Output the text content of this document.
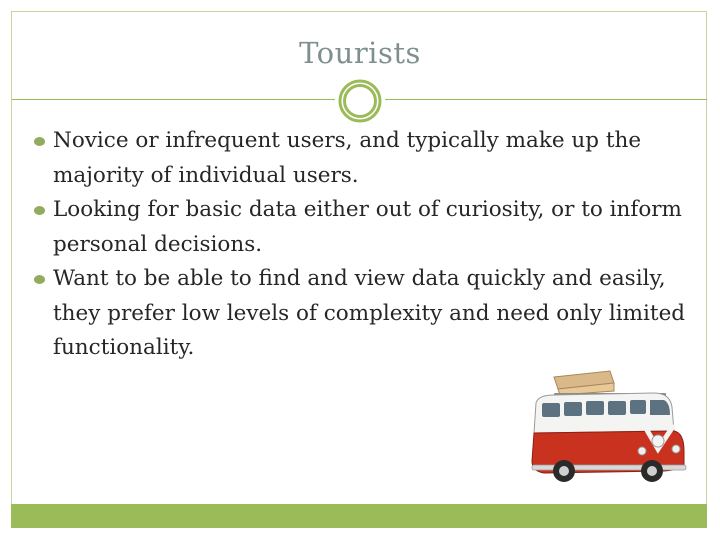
Tourists
Novice or infrequent users, and typically make up the majority of individual users.
Looking for basic data either out of curiosity, or to inform personal decisions.
Want to be able to find and view data quickly and easily, they prefer low levels of complexity and need only limited functionality.
